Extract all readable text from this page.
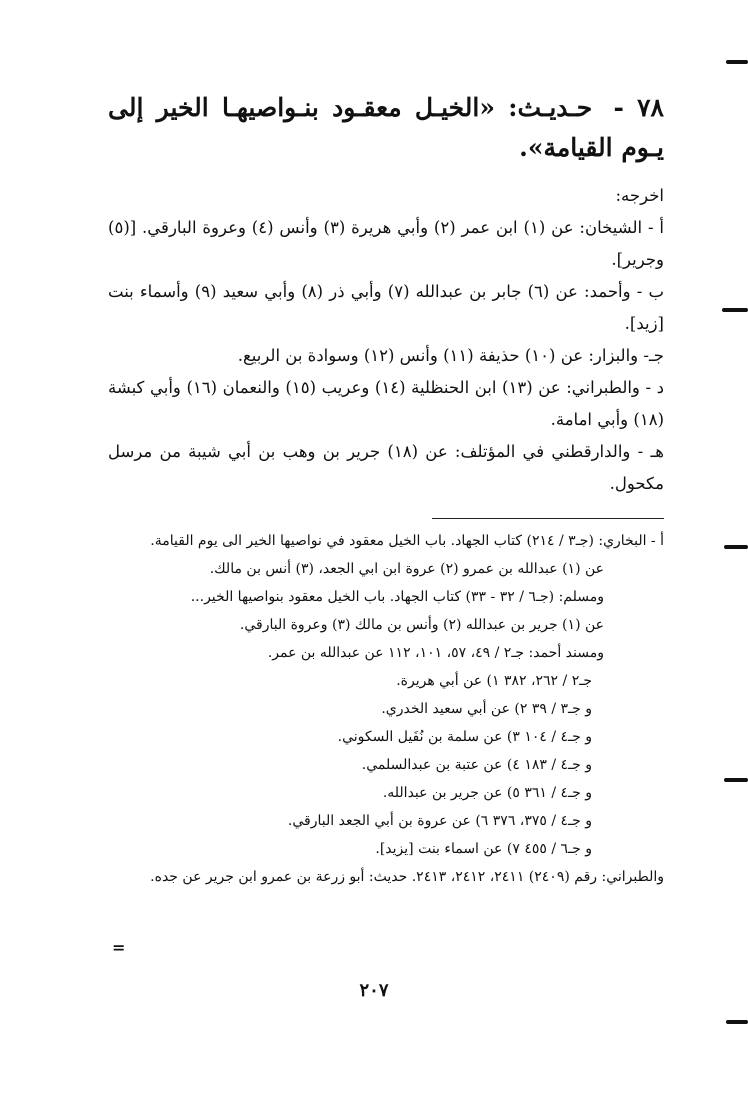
٧٨ - حـديـث: «الخيـل معقـود بنـواصيهـا الخير إلى يـوم القيامة».

اخرجه:

أ - الشيخان: عن (١) ابن عمر (٢) وأبي هريرة (٣) وأنس (٤) وعروة البارقي. [(٥) وجرير].

ب - وأحمد: عن (٦) جابر بن عبدالله (٧) وأبي ذر (٨) وأبي سعيد (٩) وأسماء بنت [زيد].

جـ- والبزار: عن (١٠) حذيفة (١١) وأنس (١٢) وسوادة بن الربيع.

د - والطبراني: عن (١٣) ابن الحنظلية (١٤) وعريب (١٥) والنعمان (١٦) وأبي كبشة (١٨) وأبي امامة.

هـ - والدارقطني في المؤتلف: عن (١٨) جرير بن وهب بن أبي شيبة من مرسل مكحول.

أ - البخاري: (جـ٣ / ٢١٤) كتاب الجهاد. باب الخيل معقود في نواصيها الخير الى يوم القيامة.

عن (١) عبدالله بن عمرو (٢) عروة ابن ابي الجعد، (٣) أنس بن مالك.

ومسلم: (جـ٦ / ٣٢ - ٣٣) كتاب الجهاد. باب الخيل معقود بنواصيها الخير...

عن (١) جرير بن عبدالله (٢) وأنس بن مالك (٣) وعروة البارقي.

ومسند أحمد: جـ٢ / ٤٩، ٥٧، ١٠١، ١١٢ عن عبدالله بن عمر.

جـ٢ / ٢٦٢، ٣٨٢ ١) عن أبي هريرة.

و جـ٣ / ٣٩ ٢) عن أبي سعيد الخدري.

و جـ٤ / ١٠٤ ٣) عن سلمة بن نُفَيل السكوني.

و جـ٤ / ١٨٣ ٤) عن عتبة بن عبدالسلمي.

و جـ٤ / ٣٦١ ٥) عن جرير بن عبدالله.

و جـ٤ / ٣٧٥، ٣٧٦ ٦) عن عروة بن أبي الجعد البارقي.

و جـ٦ / ٤٥٥ ٧) عن اسماء بنت [يزيد].

والطبراني: رقم (٢٤٠٩) ٢٤١١، ٢٤١٢، ٢٤١٣. حديث: أبو زرعة بن عمرو ابن جرير عن جده.

=
٢٠٧
